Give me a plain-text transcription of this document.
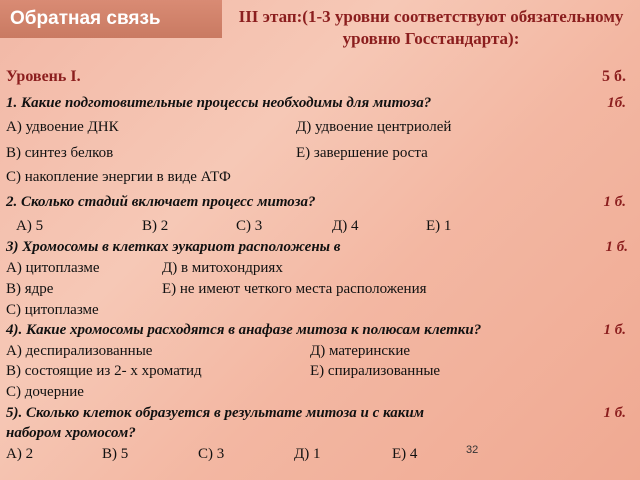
Обратная связь	III этап:(1-3 уровни соответствуют обязательному уровню Госстандарта):
Уровень I.	5 б.
1. Какие подготовительные процессы необходимы для митоза?	1б.
А) удвоение ДНК	Д) удвоение центриолей
В) синтез белков	Е) завершение роста
С) накопление энергии в виде АТФ
2. Сколько стадий включает процесс митоза?	1 б.
А) 5	В) 2	С) 3	Д) 4	Е) 1
3) Хромосомы в клетках эукариот расположены в	1 б.
А) цитоплазме	Д) в митохондриях
В) ядре	Е) не имеют четкого места расположения
С) цитоплазме
4). Какие хромосомы расходятся в анафазе митоза к полюсам клетки?	1 б.
А) деспирализованные	Д) материнские
В) состоящие из 2- х хроматид	Е) спирализованные
С) дочерние
5). Сколько клеток образуется в результате митоза и с каким	1 б.
набором хромосом?
А) 2	В) 5	С) 3	Д) 1	Е) 4	32
